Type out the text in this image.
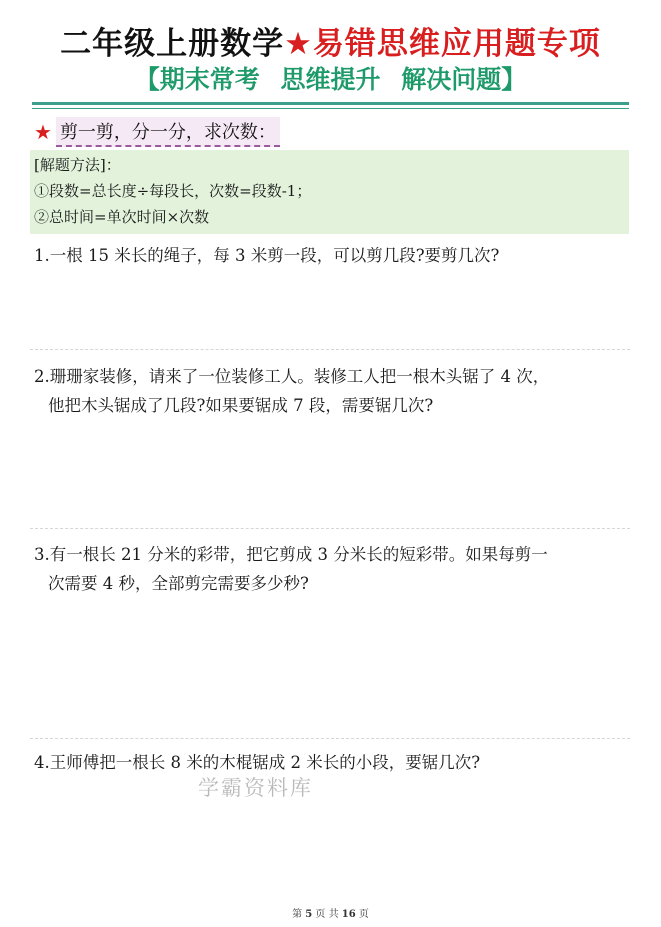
二年级上册数学★易错思维应用题专项
【期末常考 思维提升 解决问题】
★ 剪一剪，分一分，求次数：
[解题方法]：
①段数=总长度÷每段长，次数=段数-1；
②总时间=单次时间×次数
1.一根 15 米长的绳子，每 3 米剪一段，可以剪几段?要剪几次?
2.珊珊家装修，请来了一位装修工人。装修工人把一根木头锯了 4 次，
他把木头锯成了几段?如果要锯成 7 段，需要锯几次?
3.有一根长 21 分米的彩带，把它剪成 3 分米长的短彩带。如果每剪一
次需要 4 秒，全部剪完需要多少秒?
4.王师傅把一根长 8 米的木棍锯成 2 米长的小段，要锯几次?
学霸资料库
第 5 页 共 16 页
